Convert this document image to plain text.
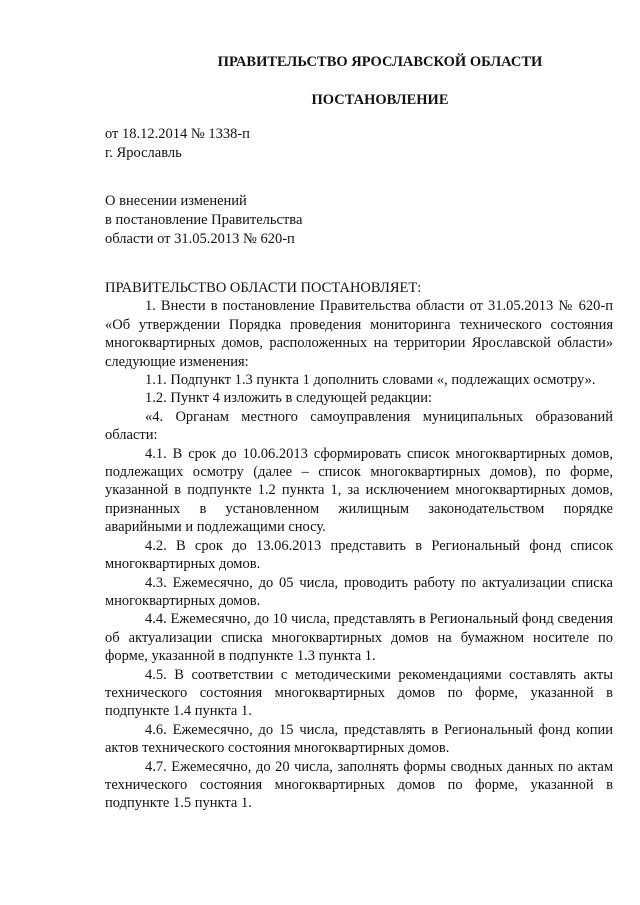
ПРАВИТЕЛЬСТВО ЯРОСЛАВСКОЙ ОБЛАСТИ
ПОСТАНОВЛЕНИЕ
от 18.12.2014 № 1338-п
г. Ярославль
О внесении изменений
в постановление Правительства
области от 31.05.2013 № 620-п

ПРАВИТЕЛЬСТВО ОБЛАСТИ ПОСТАНОВЛЯЕТ:

1. Внести в постановление Правительства области от 31.05.2013 № 620-п «Об утверждении Порядка проведения мониторинга технического состояния многоквартирных домов, расположенных на территории Ярославской области» следующие изменения:

1.1. Подпункт 1.3 пункта 1 дополнить словами «, подлежащих осмотру».

1.2. Пункт 4 изложить в следующей редакции:

«4. Органам местного самоуправления муниципальных образований области:

4.1. В срок до 10.06.2013 сформировать список многоквартирных домов, подлежащих осмотру (далее – список многоквартирных домов), по форме, указанной в подпункте 1.2 пункта 1, за исключением многоквартирных домов, признанных в установленном жилищным законодательством порядке аварийными и подлежащими сносу.

4.2. В срок до 13.06.2013 представить в Региональный фонд список многоквартирных домов.

4.3. Ежемесячно, до 05 числа, проводить работу по актуализации списка многоквартирных домов.

4.4. Ежемесячно, до 10 числа, представлять в Региональный фонд сведения об актуализации списка многоквартирных домов на бумажном носителе по форме, указанной в подпункте 1.3 пункта 1.

4.5. В соответствии с методическими рекомендациями составлять акты технического состояния многоквартирных домов по форме, указанной в подпункте 1.4 пункта 1.

4.6. Ежемесячно, до 15 числа, представлять в Региональный фонд копии актов технического состояния многоквартирных домов.

4.7. Ежемесячно, до 20 числа, заполнять формы сводных данных по актам технического состояния многоквартирных домов по форме, указанной в подпункте 1.5 пункта 1.
